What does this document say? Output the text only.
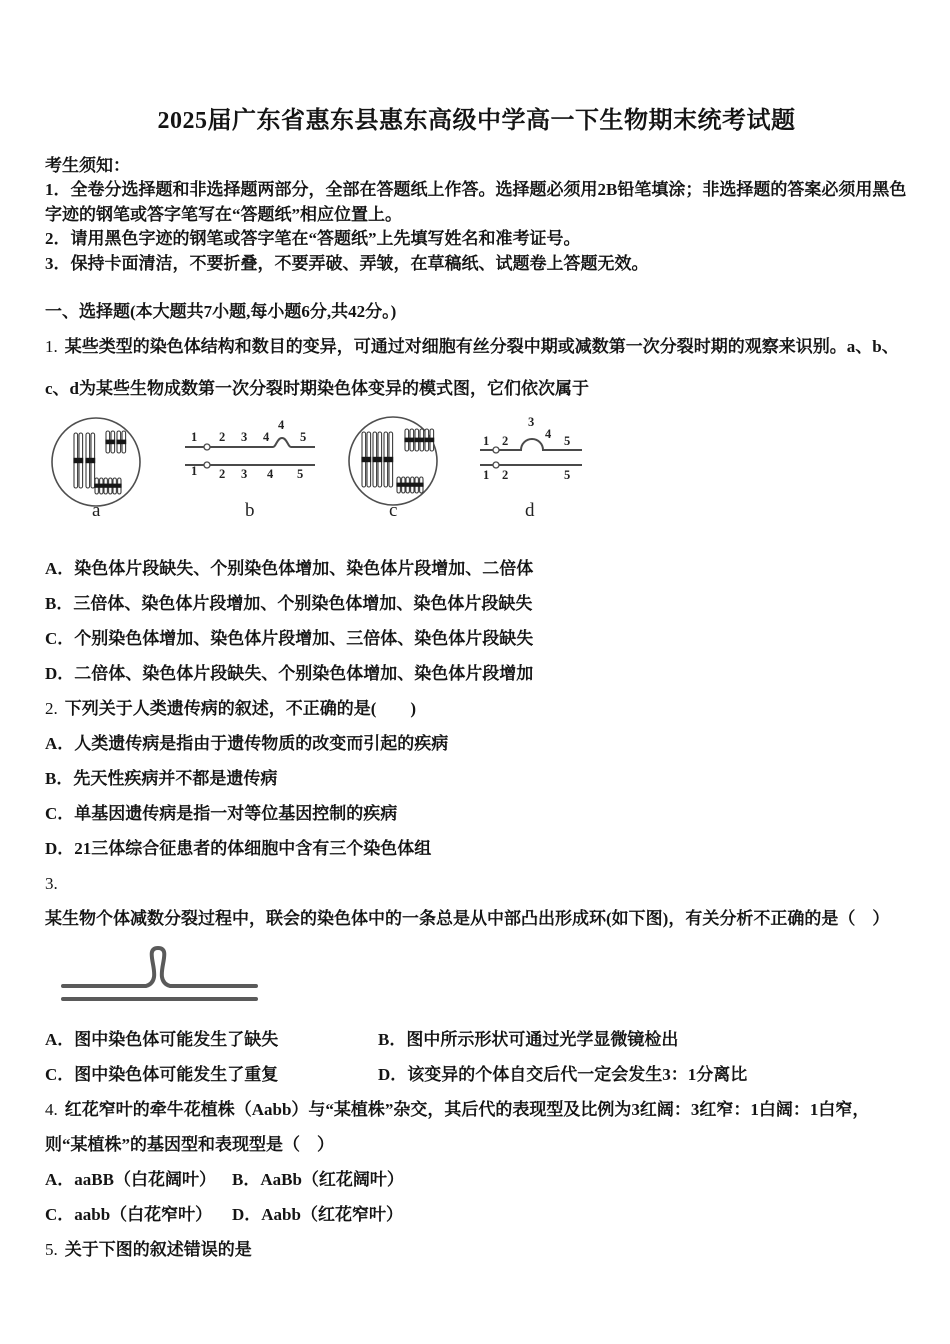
2025届广东省惠东县惠东高级中学高一下生物期末统考试题

考生须知：

1．全卷分选择题和非选择题两部分，全部在答题纸上作答。选择题必须用2B铅笔填涂；非选择题的答案必须用黑色字迹的钢笔或答字笔写在“答题纸”相应位置上。

2．请用黑色字迹的钢笔或答字笔在“答题纸”上先填写姓名和准考证号。

3．保持卡面清洁，不要折叠，不要弄破、弄皱，在草稿纸、试题卷上答题无效。

一、选择题(本大题共7小题,每小题6分,共42分。)

1. 某些类型的染色体结构和数目的变异，可通过对细胞有丝分裂中期或减数第一次分裂时期的观察来识别。a、b、c、d为某些生物成数第一次分裂时期染色体变异的模式图，它们依次属于

a
1 2 3 4
4
5
1 2 3 4 5
b	c
1 2
3
4 5
1 2	5
d

A．染色体片段缺失、个别染色体增加、染色体片段增加、二倍体

B．三倍体、染色体片段增加、个别染色体增加、染色体片段缺失

C．个别染色体增加、染色体片段增加、三倍体、染色体片段缺失

D．二倍体、染色体片段缺失、个别染色体增加、染色体片段增加

2. 下列关于人类遗传病的叙述，不正确的是(　　)

A．人类遗传病是指由于遗传物质的改变而引起的疾病

B．先天性疾病并不都是遗传病

C．单基因遗传病是指一对等位基因控制的疾病

D．21三体综合征患者的体细胞中含有三个染色体组

3.某生物个体减数分裂过程中，联会的染色体中的一条总是从中部凸出形成环(如下图)，有关分析不正确的是（　）

A．图中染色体可能发生了缺失	B．图中所示形状可通过光学显微镜检出
C．图中染色体可能发生了重复	D．该变异的个体自交后代一定会发生3：1分离比

4. 红花窄叶的牵牛花植株（Aabb）与“某植株”杂交，其后代的表现型及比例为3红阔：3红窄：1白阔：1白窄，则“某植株”的基因型和表现型是（　）

A．aaBB（白花阔叶） B．AaBb（红花阔叶）
C．aabb（白花窄叶）	D．Aabb（红花窄叶）

5. 关于下图的叙述错误的是
